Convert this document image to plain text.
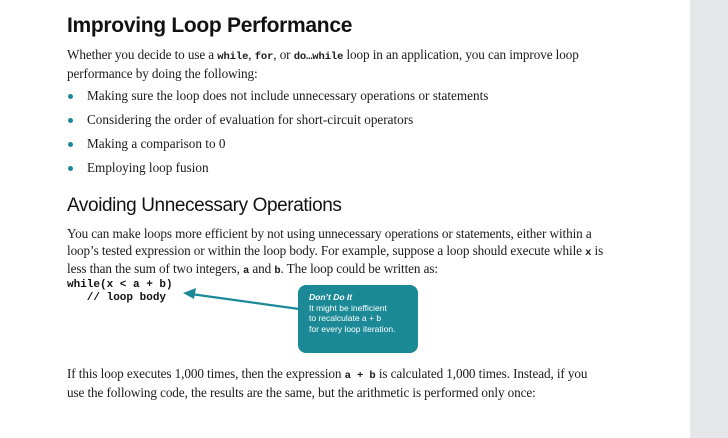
Improving Loop Performance

Whether you decide to use a while, for, or do…while loop in an application, you can improve loop performance by doing the following:

Making sure the loop does not include unnecessary operations or statements
Considering the order of evaluation for short-circuit operators
Making a comparison to 0
Employing loop fusion
Avoiding Unnecessary Operations

You can make loops more efficient by not using unnecessary operations or statements, either within a loop’s tested expression or within the loop body. For example, suppose a loop should execute while x is less than the sum of two integers, a and b. The loop could be written as:

while(x < a + b)
// loop body	Don’t Do It
It might be inefficient
to recalculate a + b
for every loop iteration.

If this loop executes 1,000 times, then the expression a + b is calculated 1,000 times. Instead, if you use the following code, the results are the same, but the arithmetic is performed only once:
